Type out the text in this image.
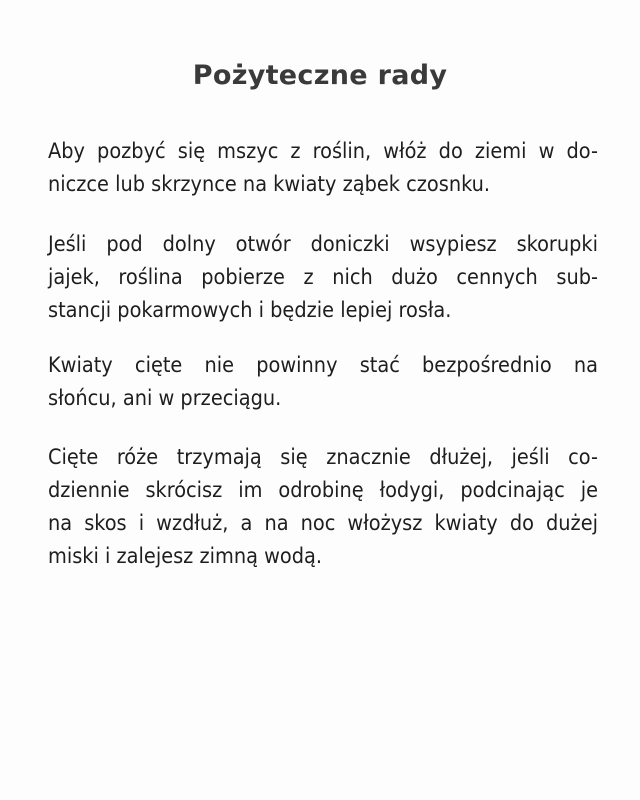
Pożyteczne rady
Aby pozbyć się mszyc z roślin, włóż do ziemi w do-
niczce lub skrzynce na kwiaty ząbek czosnku.
Jeśli pod dolny otwór doniczki wsypiesz skorupki
jajek, roślina pobierze z nich dużo cennych sub-
stancji pokarmowych i będzie lepiej rosła.
Kwiaty cięte nie powinny stać bezpośrednio na
słońcu, ani w przeciągu.
Cięte róże trzymają się znacznie dłużej, jeśli co-
dziennie skrócisz im odrobinę łodygi, podcinając je
na skos i wzdłuż, a na noc włożysz kwiaty do dużej
miski i zalejesz zimną wodą.
